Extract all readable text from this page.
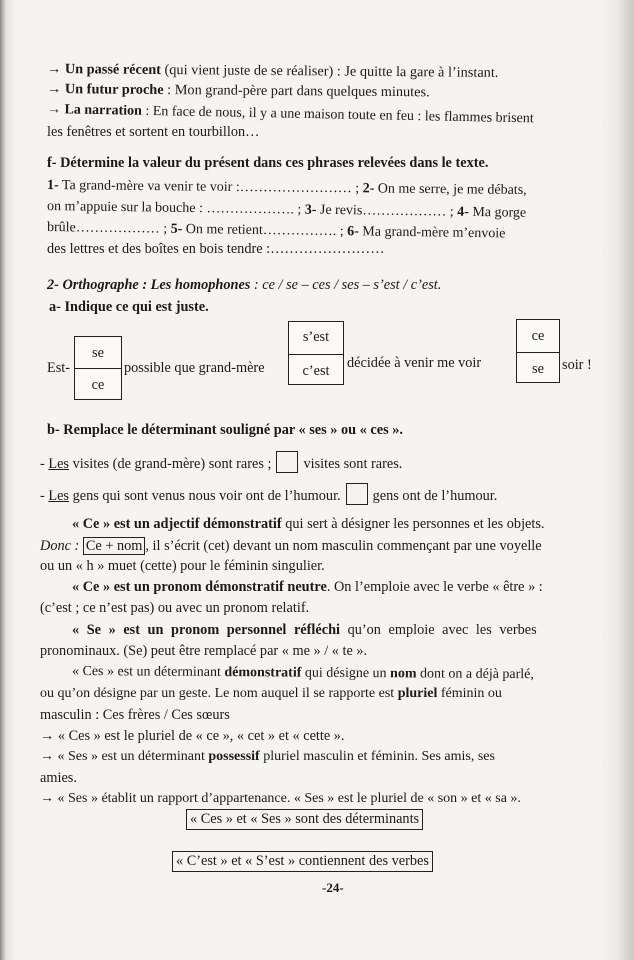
→ Un passé récent (qui vient juste de se réaliser) : Je quitte la gare à l’instant.
→ Un futur proche : Mon grand-père part dans quelques minutes.
→ La narration : En face de nous, il y a une maison toute en feu : les flammes brisent
les fenêtres et sortent en tourbillon…
f- Détermine la valeur du présent dans ces phrases relevées dans le texte.
1- Ta grand-mère va venir te voir :…………………… ; 2- On me serre, je me débats,
on m’appuie sur la bouche : ………………. ; 3- Je revis……………… ; 4- Ma gorge
brûle……………… ; 5- On me retient……………. ; 6- Ma grand-mère m’envoie
des lettres et des boîtes en bois tendre :……………………
2- Orthographe : Les homophones : ce / se – ces / ses – s’est / c’est.
a- Indique ce qui est juste.
Est-
se
ce
possible que grand-mère
s’est
c’est	décidée à venir me voir
ce
se	soir !
b- Remplace le déterminant souligné par « ses » ou « ces ».
- Les visites (de grand-mère) sont rares ; visites sont rares.
- Les gens qui sont venus nous voir ont de l’humour. gens ont de l’humour.
« Ce » est un adjectif démonstratif qui sert à désigner les personnes et les objets.
Donc : Ce + nom , il s’écrit (cet) devant un nom masculin commençant par une voyelle
ou un « h » muet (cette) pour le féminin singulier.
« Ce » est un pronom démonstratif neutre. On l’emploie avec le verbe « être » :
(c’est ; ce n’est pas) ou avec un pronom relatif.
« Se » est un pronom personnel réfléchi qu’on emploie avec les verbes
pronominaux. (Se) peut être remplacé par « me » / « te ».
« Ces » est un déterminant démonstratif qui désigne un nom dont on a déjà parlé,
ou qu’on désigne par un geste. Le nom auquel il se rapporte est pluriel féminin ou
masculin : Ces frères / Ces sœurs
→ « Ces » est le pluriel de « ce », « cet » et « cette ».
→ « Ses » est un déterminant possessif pluriel masculin et féminin. Ses amis, ses
amies.
→ « Ses » établit un rapport d’appartenance. « Ses » est le pluriel de « son » et « sa ».
« Ces » et « Ses » sont des déterminants
« C’est » et « S’est » contiennent des verbes
-24-
